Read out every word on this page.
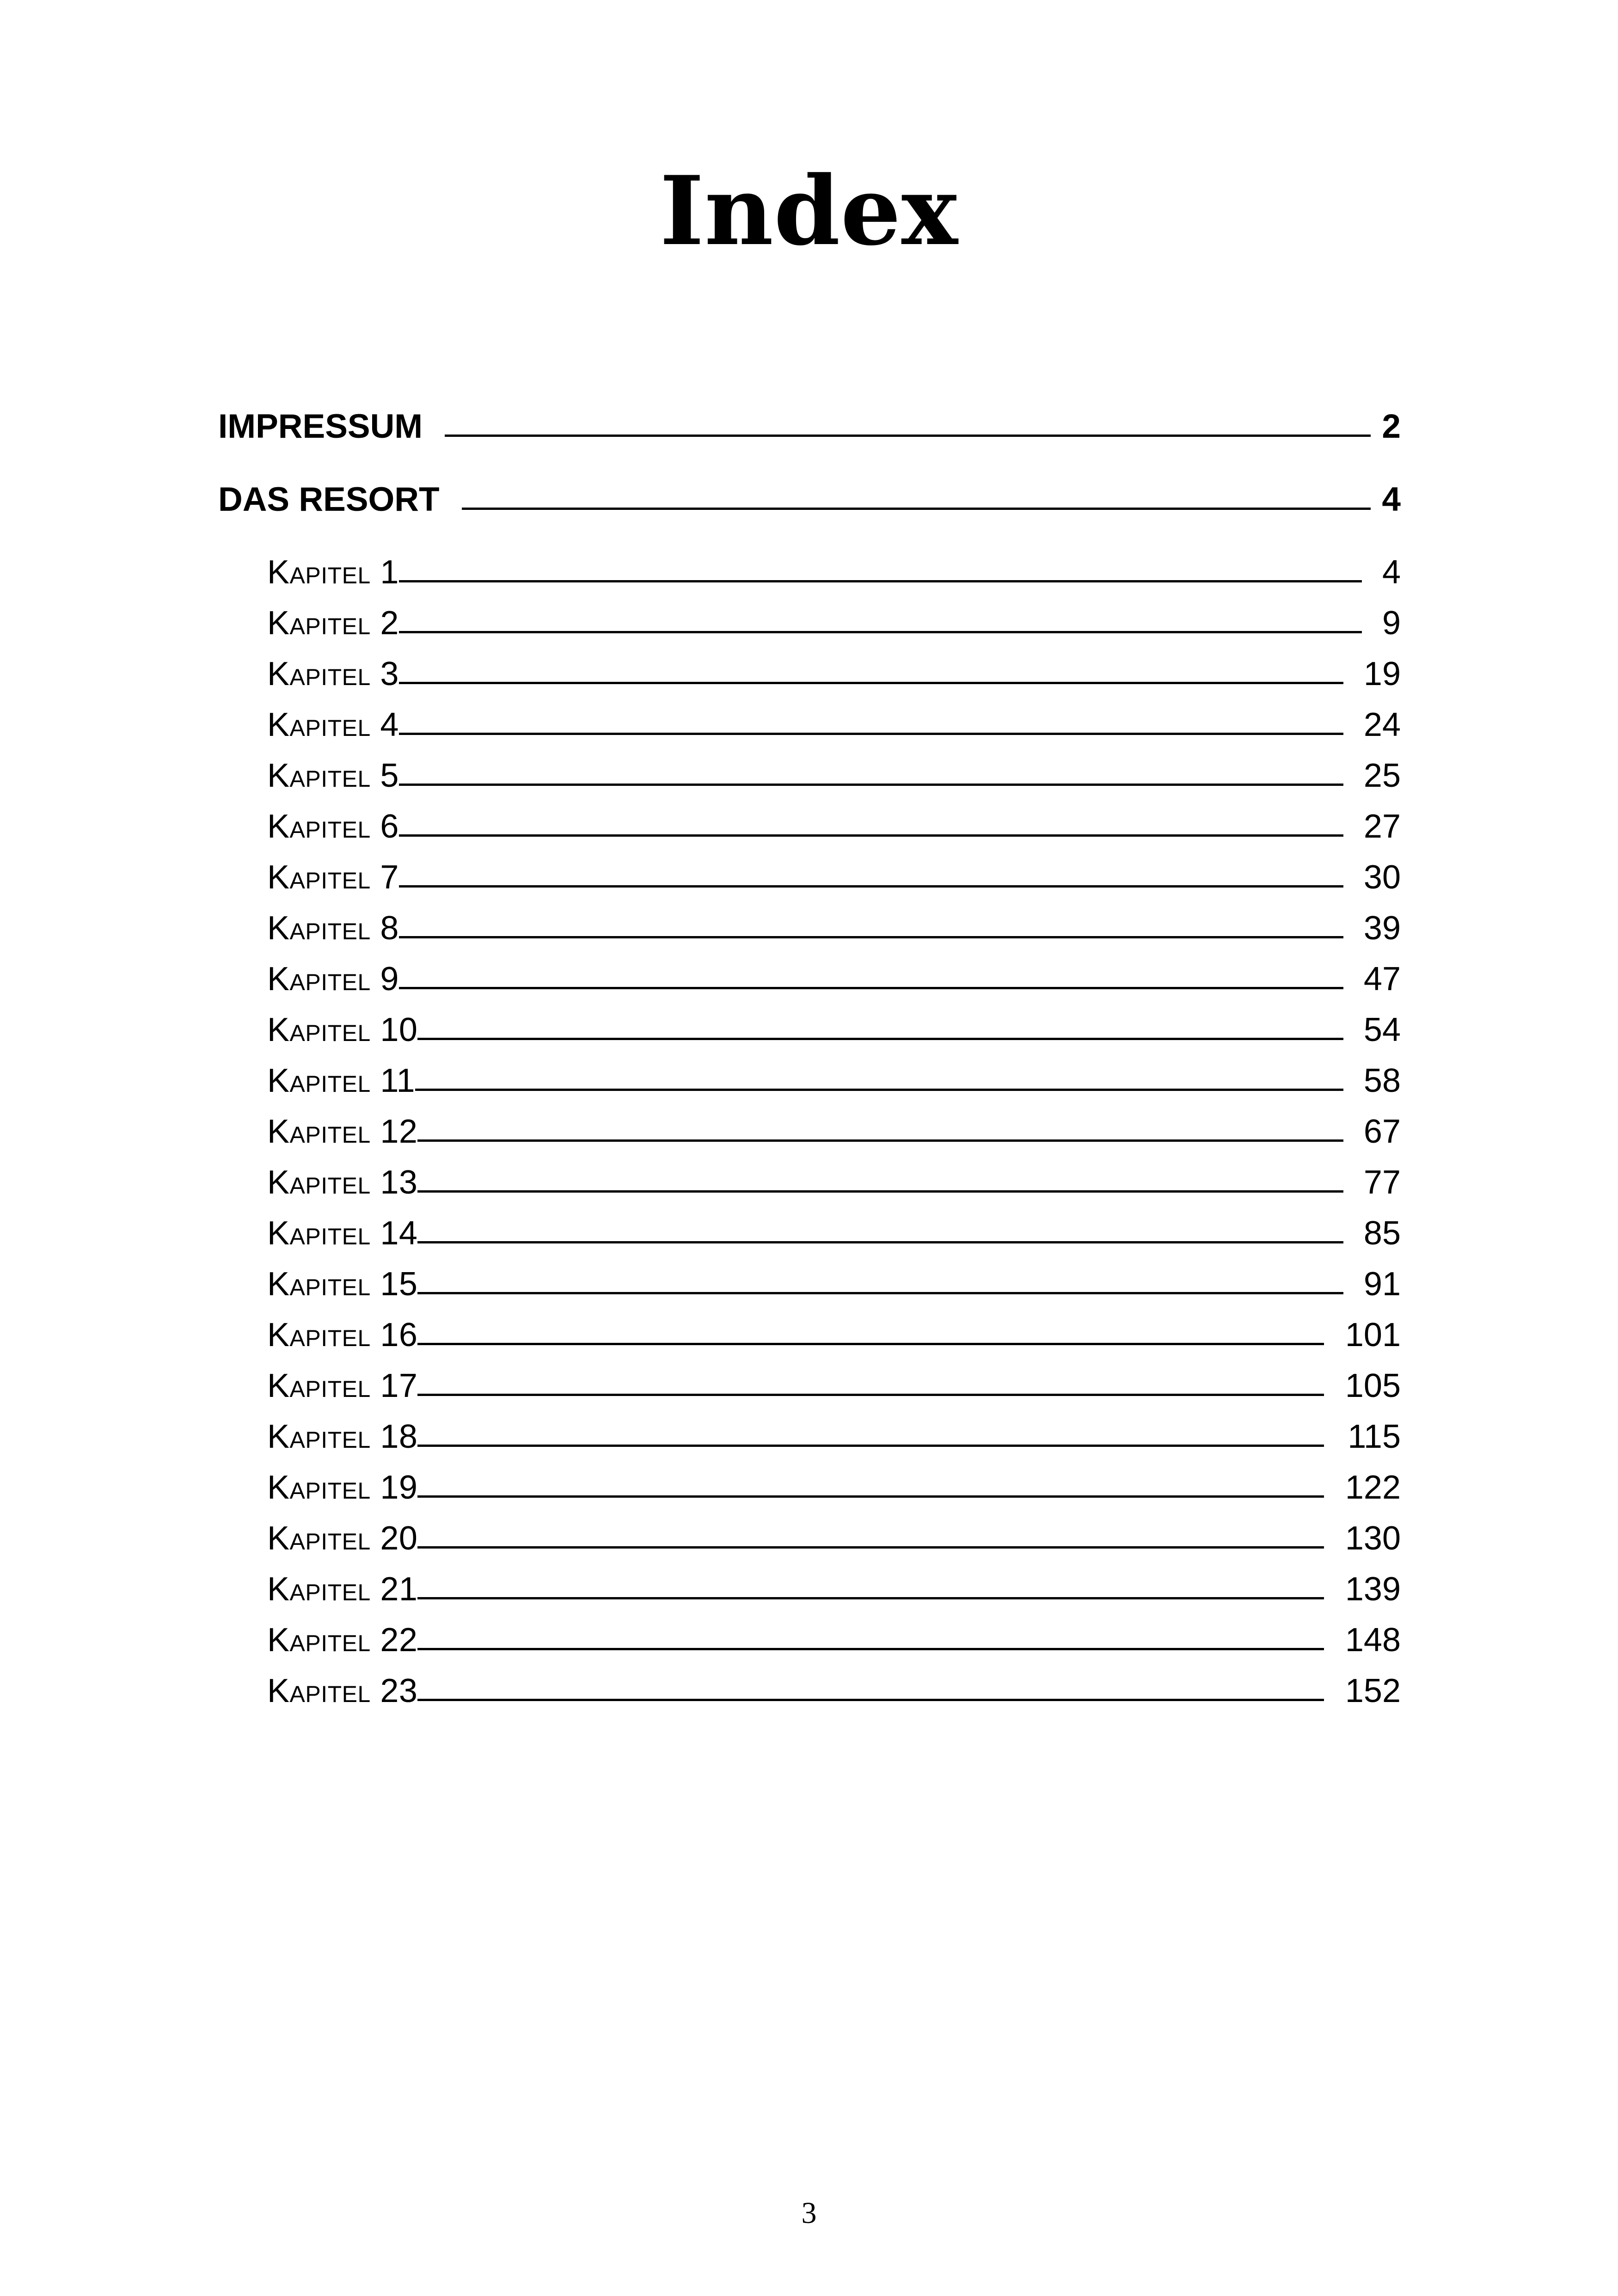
Index
IMPRESSUM	2
DAS RESORT	4
Kapitel 1	4
Kapitel 2	9
Kapitel 3	19
Kapitel 4	24
Kapitel 5	25
Kapitel 6	27
Kapitel 7	30
Kapitel 8	39
Kapitel 9	47
Kapitel 10	54
Kapitel 11	58
Kapitel 12	67
Kapitel 13	77
Kapitel 14	85
Kapitel 15	91
Kapitel 16	101
Kapitel 17	105
Kapitel 18	115
Kapitel 19	122
Kapitel 20	130
Kapitel 21	139
Kapitel 22	148
Kapitel 23	152
3
